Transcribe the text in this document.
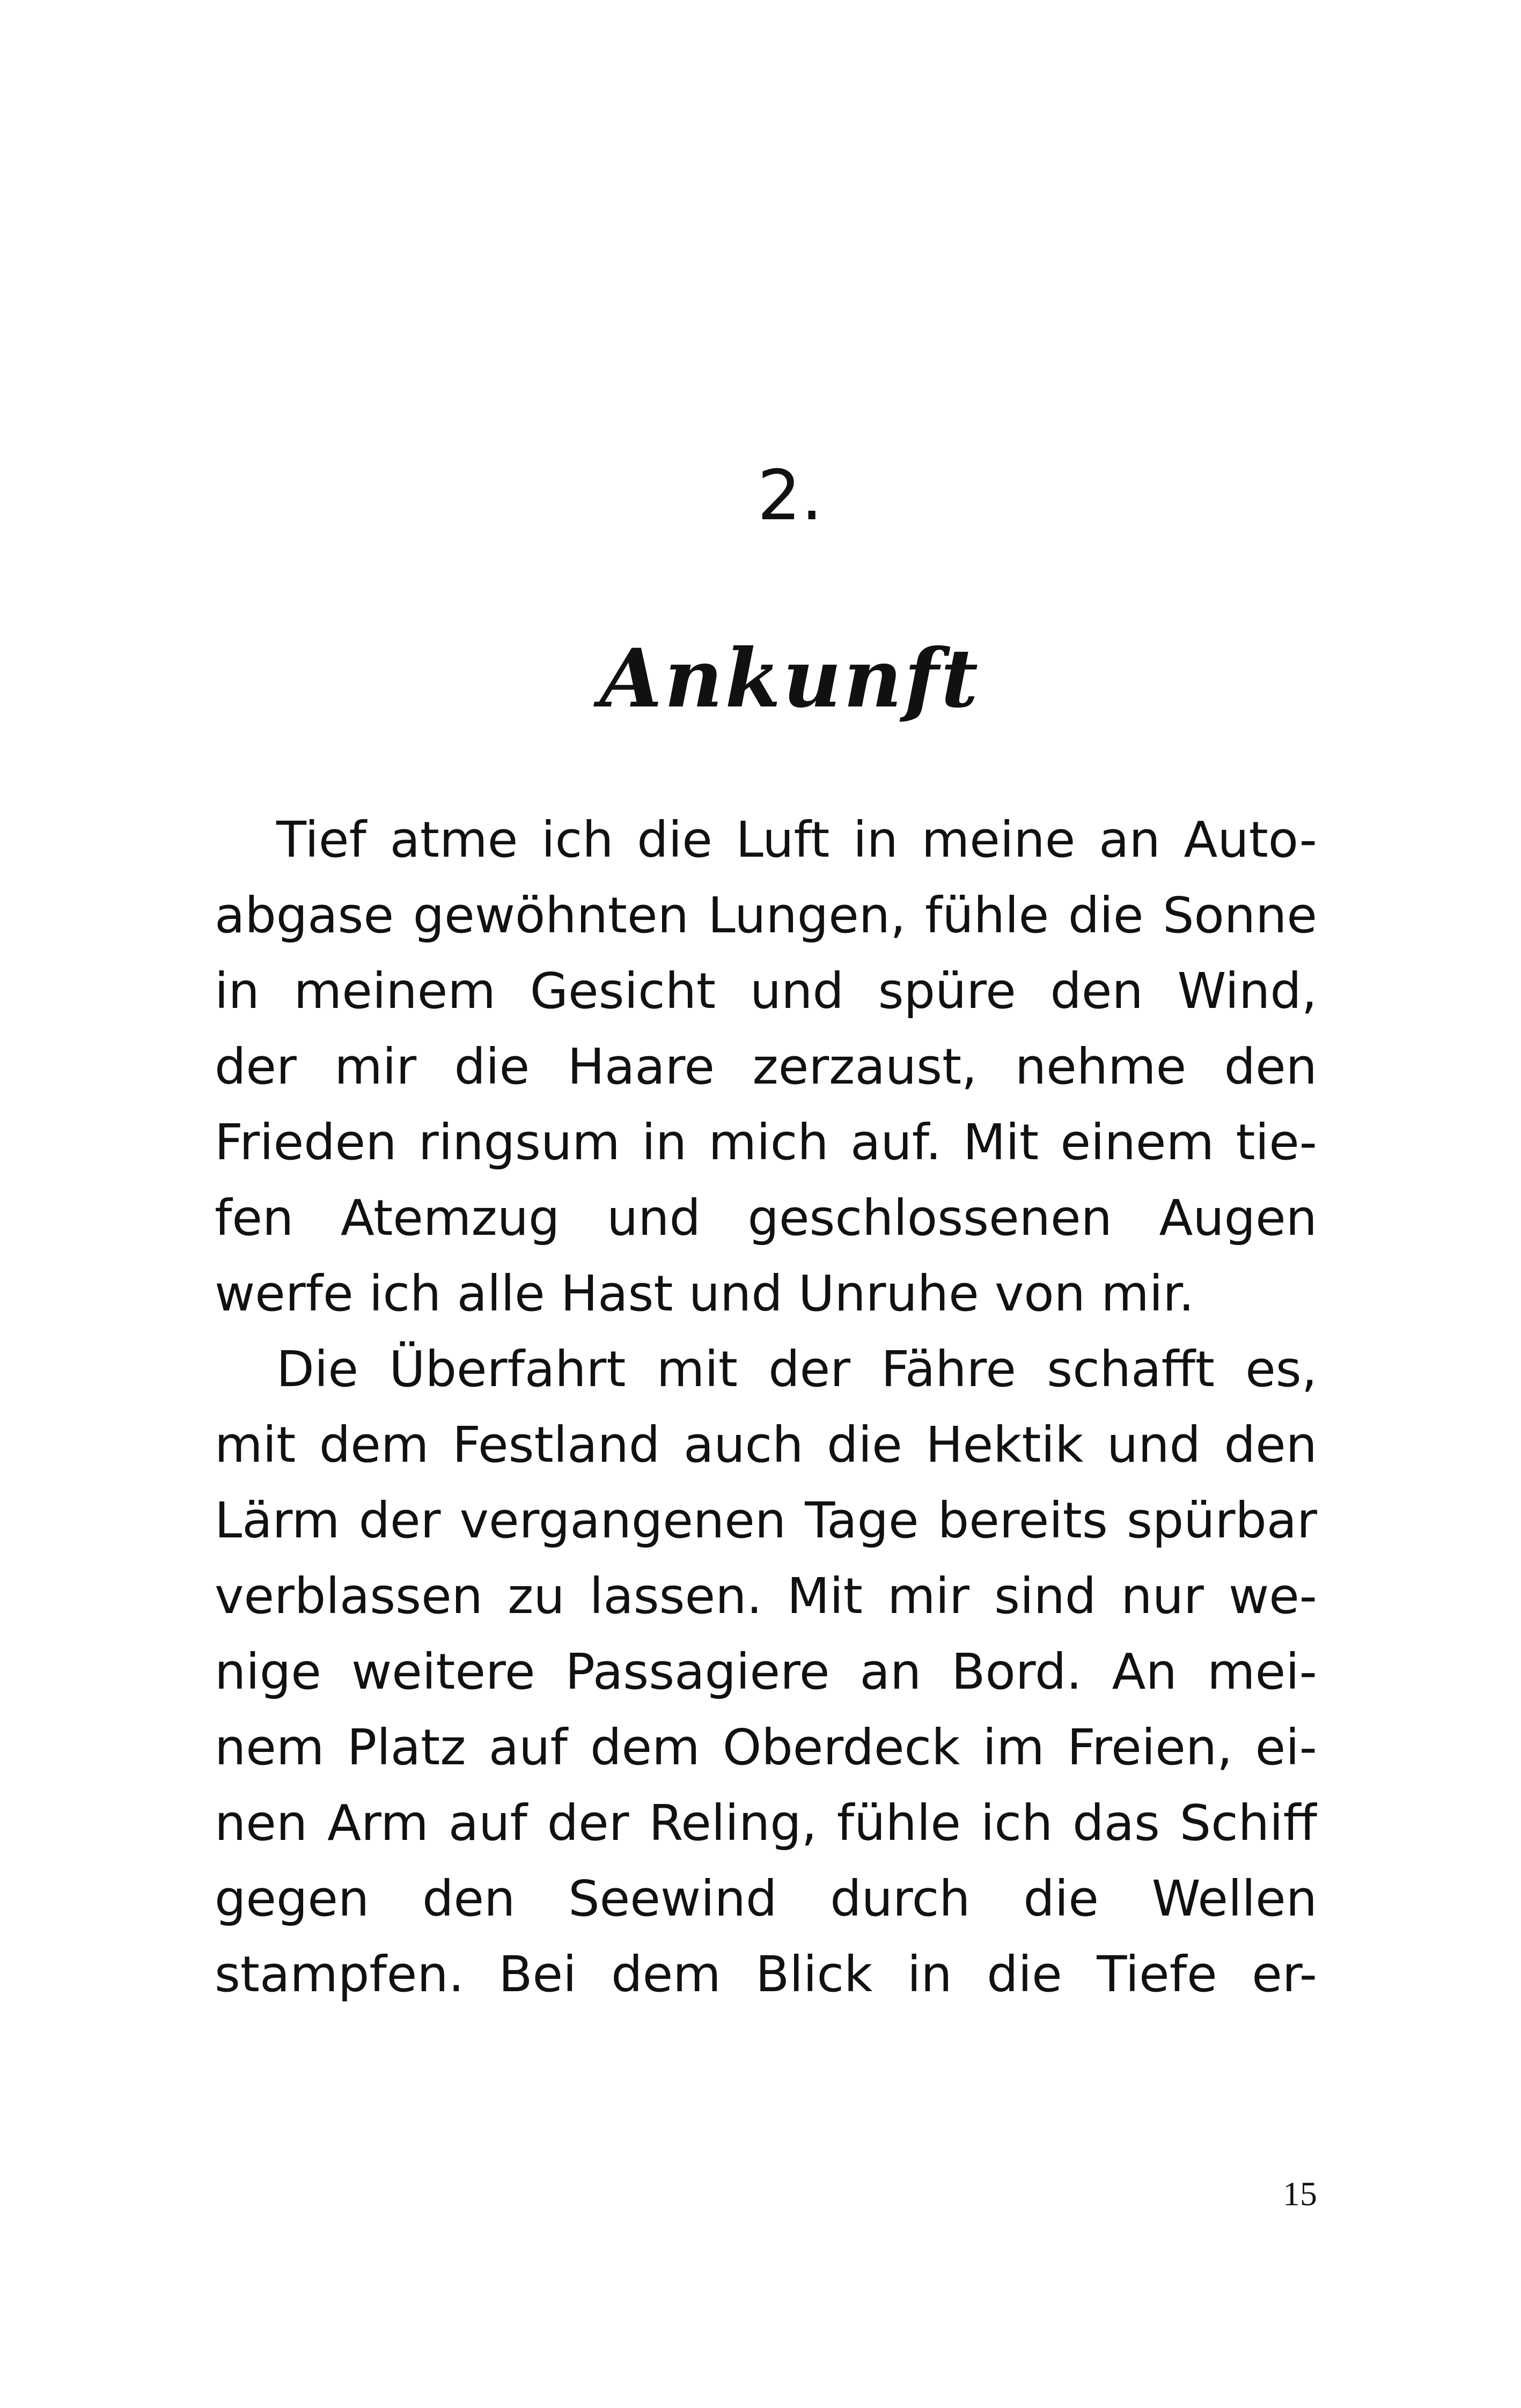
2.
Ankunft
Tief atme ich die Luft in meine an Auto-
abgase gewöhnten Lungen, fühle die Sonne
in meinem Gesicht und spüre den Wind,
der mir die Haare zerzaust, nehme den
Frieden ringsum in mich auf. Mit einem tie-
fen Atemzug und geschlossenen Augen
werfe ich alle Hast und Unruhe von mir.
Die Überfahrt mit der Fähre schafft es,
mit dem Festland auch die Hektik und den
Lärm der vergangenen Tage bereits spürbar
verblassen zu lassen. Mit mir sind nur we-
nige weitere Passagiere an Bord. An mei-
nem Platz auf dem Oberdeck im Freien, ei-
nen Arm auf der Reling, fühle ich das Schiff
gegen den Seewind durch die Wellen
stampfen. Bei dem Blick in die Tiefe er-
15
